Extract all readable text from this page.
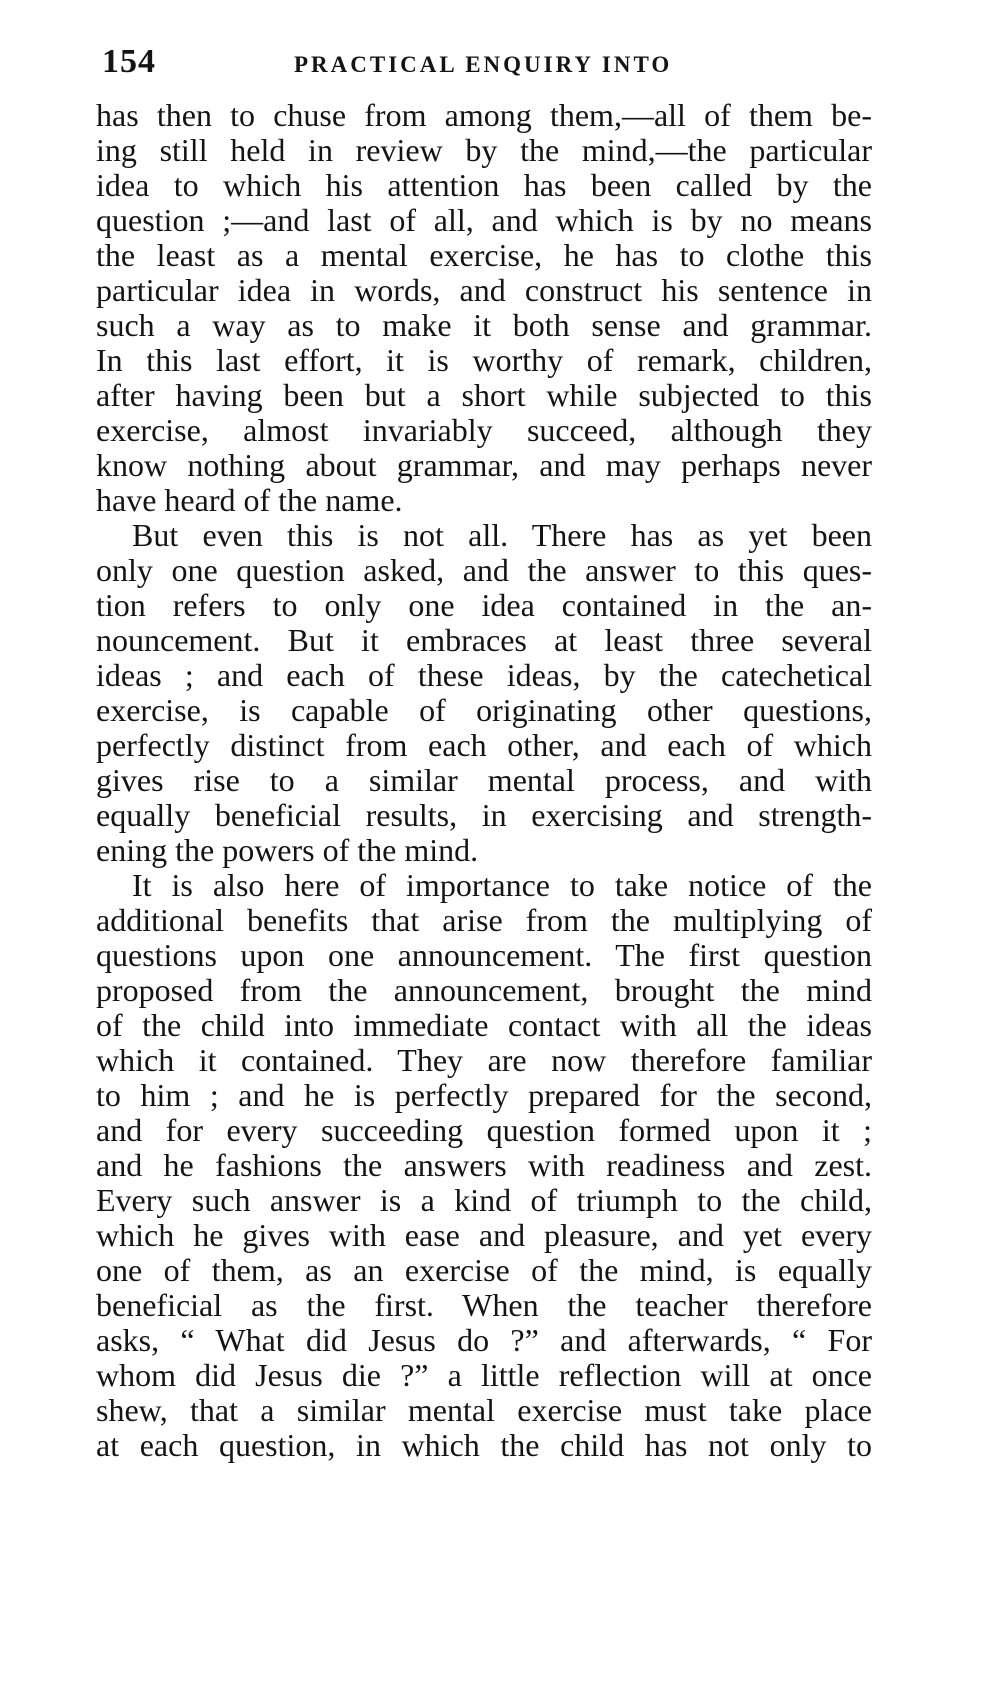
154	PRACTICAL ENQUIRY INTO
has then to chuse from among them,—all of them be-
ing still held in review by the mind,—the particular
idea to which his attention has been called by the
question ;—and last of all, and which is by no means
the least as a mental exercise, he has to clothe this
particular idea in words, and construct his sentence in
such a way as to make it both sense and grammar.
In this last effort, it is worthy of remark, children,
after having been but a short while subjected to this
exercise, almost invariably succeed, although they
know nothing about grammar, and may perhaps never
have heard of the name.
But even this is not all. There has as yet been
only one question asked, and the answer to this ques-
tion refers to only one idea contained in the an-
nouncement. But it embraces at least three several
ideas ; and each of these ideas, by the catechetical
exercise, is capable of originating other questions,
perfectly distinct from each other, and each of which
gives rise to a similar mental process, and with
equally beneficial results, in exercising and strength-
ening the powers of the mind.
It is also here of importance to take notice of the
additional benefits that arise from the multiplying of
questions upon one announcement. The first question
proposed from the announcement, brought the mind
of the child into immediate contact with all the ideas
which it contained. They are now therefore familiar
to him ; and he is perfectly prepared for the second,
and for every succeeding question formed upon it ;
and he fashions the answers with readiness and zest.
Every such answer is a kind of triumph to the child,
which he gives with ease and pleasure, and yet every
one of them, as an exercise of the mind, is equally
beneficial as the first. When the teacher therefore
asks, “ What did Jesus do ?” and afterwards, “ For
whom did Jesus die ?” a little reflection will at once
shew, that a similar mental exercise must take place
at each question, in which the child has not only to
